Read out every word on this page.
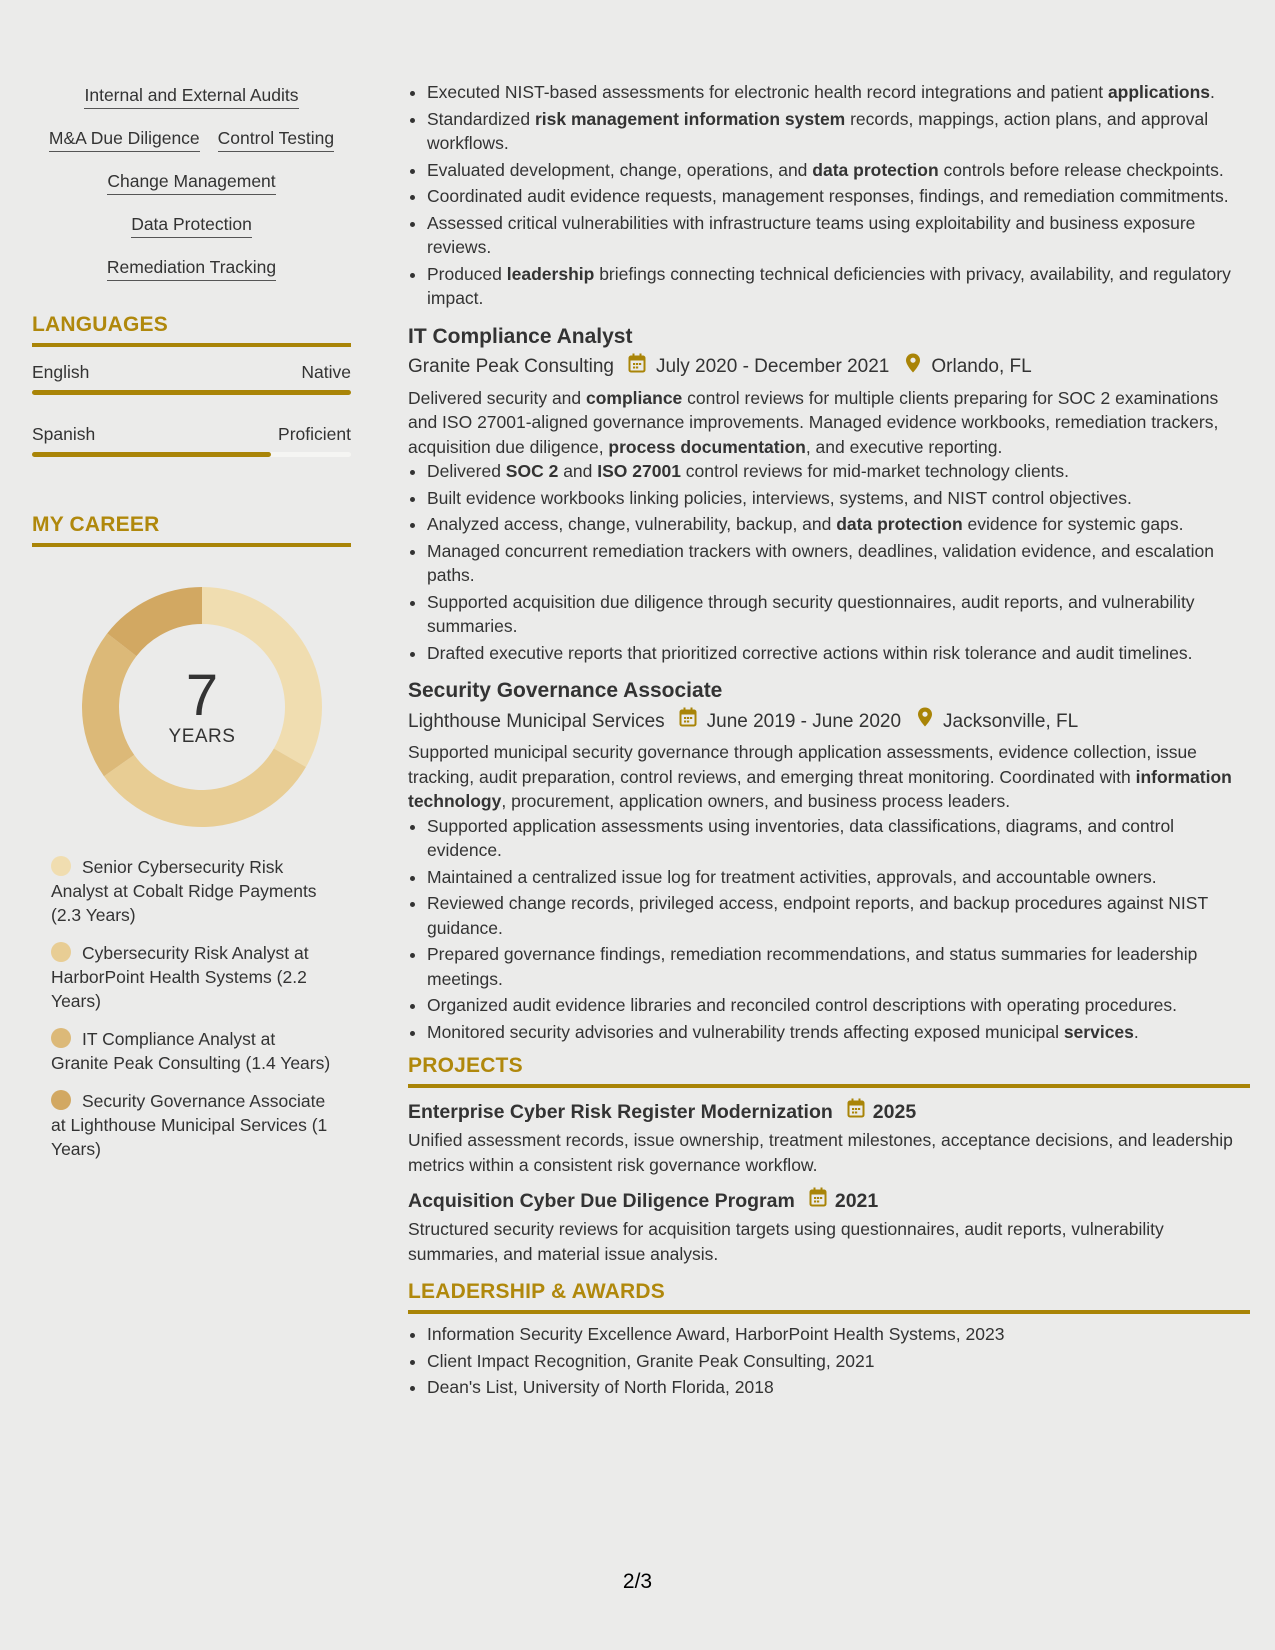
Internal and External Audits
M&A Due Diligence Control Testing
Change Management
Data Protection
Remediation Tracking
LANGUAGES
English	Native
Spanish	Proficient
MY CAREER
7
YEARS
Senior Cybersecurity Risk Analyst at Cobalt Ridge Payments (2.3 Years)
Cybersecurity Risk Analyst at HarborPoint Health Systems (2.2 Years)
IT Compliance Analyst at Granite Peak Consulting (1.4 Years)
Security Governance Associate at Lighthouse Municipal Services (1 Years)
• Executed NIST-based assessments for electronic health record integrations and patient applications.
• Standardized risk management information system records, mappings, action plans, and approval workflows.
• Evaluated development, change, operations, and data protection controls before release checkpoints.
• Coordinated audit evidence requests, management responses, findings, and remediation commitments.
• Assessed critical vulnerabilities with infrastructure teams using exploitability and business exposure reviews.
• Produced leadership briefings connecting technical deficiencies with privacy, availability, and regulatory impact.
IT Compliance Analyst
Granite Peak Consulting July 2020 - December 2021 Orlando, FL
Delivered security and compliance control reviews for multiple clients preparing for SOC 2 examinations and ISO 27001-aligned governance improvements. Managed evidence workbooks, remediation trackers, acquisition due diligence, process documentation, and executive reporting.
• Delivered SOC 2 and ISO 27001 control reviews for mid-market technology clients.
• Built evidence workbooks linking policies, interviews, systems, and NIST control objectives.
• Analyzed access, change, vulnerability, backup, and data protection evidence for systemic gaps.
• Managed concurrent remediation trackers with owners, deadlines, validation evidence, and escalation paths.
• Supported acquisition due diligence through security questionnaires, audit reports, and vulnerability summaries.
• Drafted executive reports that prioritized corrective actions within risk tolerance and audit timelines.
Security Governance Associate
Lighthouse Municipal Services June 2019 - June 2020 Jacksonville, FL
Supported municipal security governance through application assessments, evidence collection, issue tracking, audit preparation, control reviews, and emerging threat monitoring. Coordinated with information technology, procurement, application owners, and business process leaders.
• Supported application assessments using inventories, data classifications, diagrams, and control evidence.
• Maintained a centralized issue log for treatment activities, approvals, and accountable owners.
• Reviewed change records, privileged access, endpoint reports, and backup procedures against NIST guidance.
• Prepared governance findings, remediation recommendations, and status summaries for leadership meetings.
• Organized audit evidence libraries and reconciled control descriptions with operating procedures.
• Monitored security advisories and vulnerability trends affecting exposed municipal services.
PROJECTS
Enterprise Cyber Risk Register Modernization 2025
Unified assessment records, issue ownership, treatment milestones, acceptance decisions, and leadership metrics within a consistent risk governance workflow.
Acquisition Cyber Due Diligence Program 2021
Structured security reviews for acquisition targets using questionnaires, audit reports, vulnerability summaries, and material issue analysis.
LEADERSHIP & AWARDS
• Information Security Excellence Award, HarborPoint Health Systems, 2023
• Client Impact Recognition, Granite Peak Consulting, 2021
• Dean's List, University of North Florida, 2018
2/3
